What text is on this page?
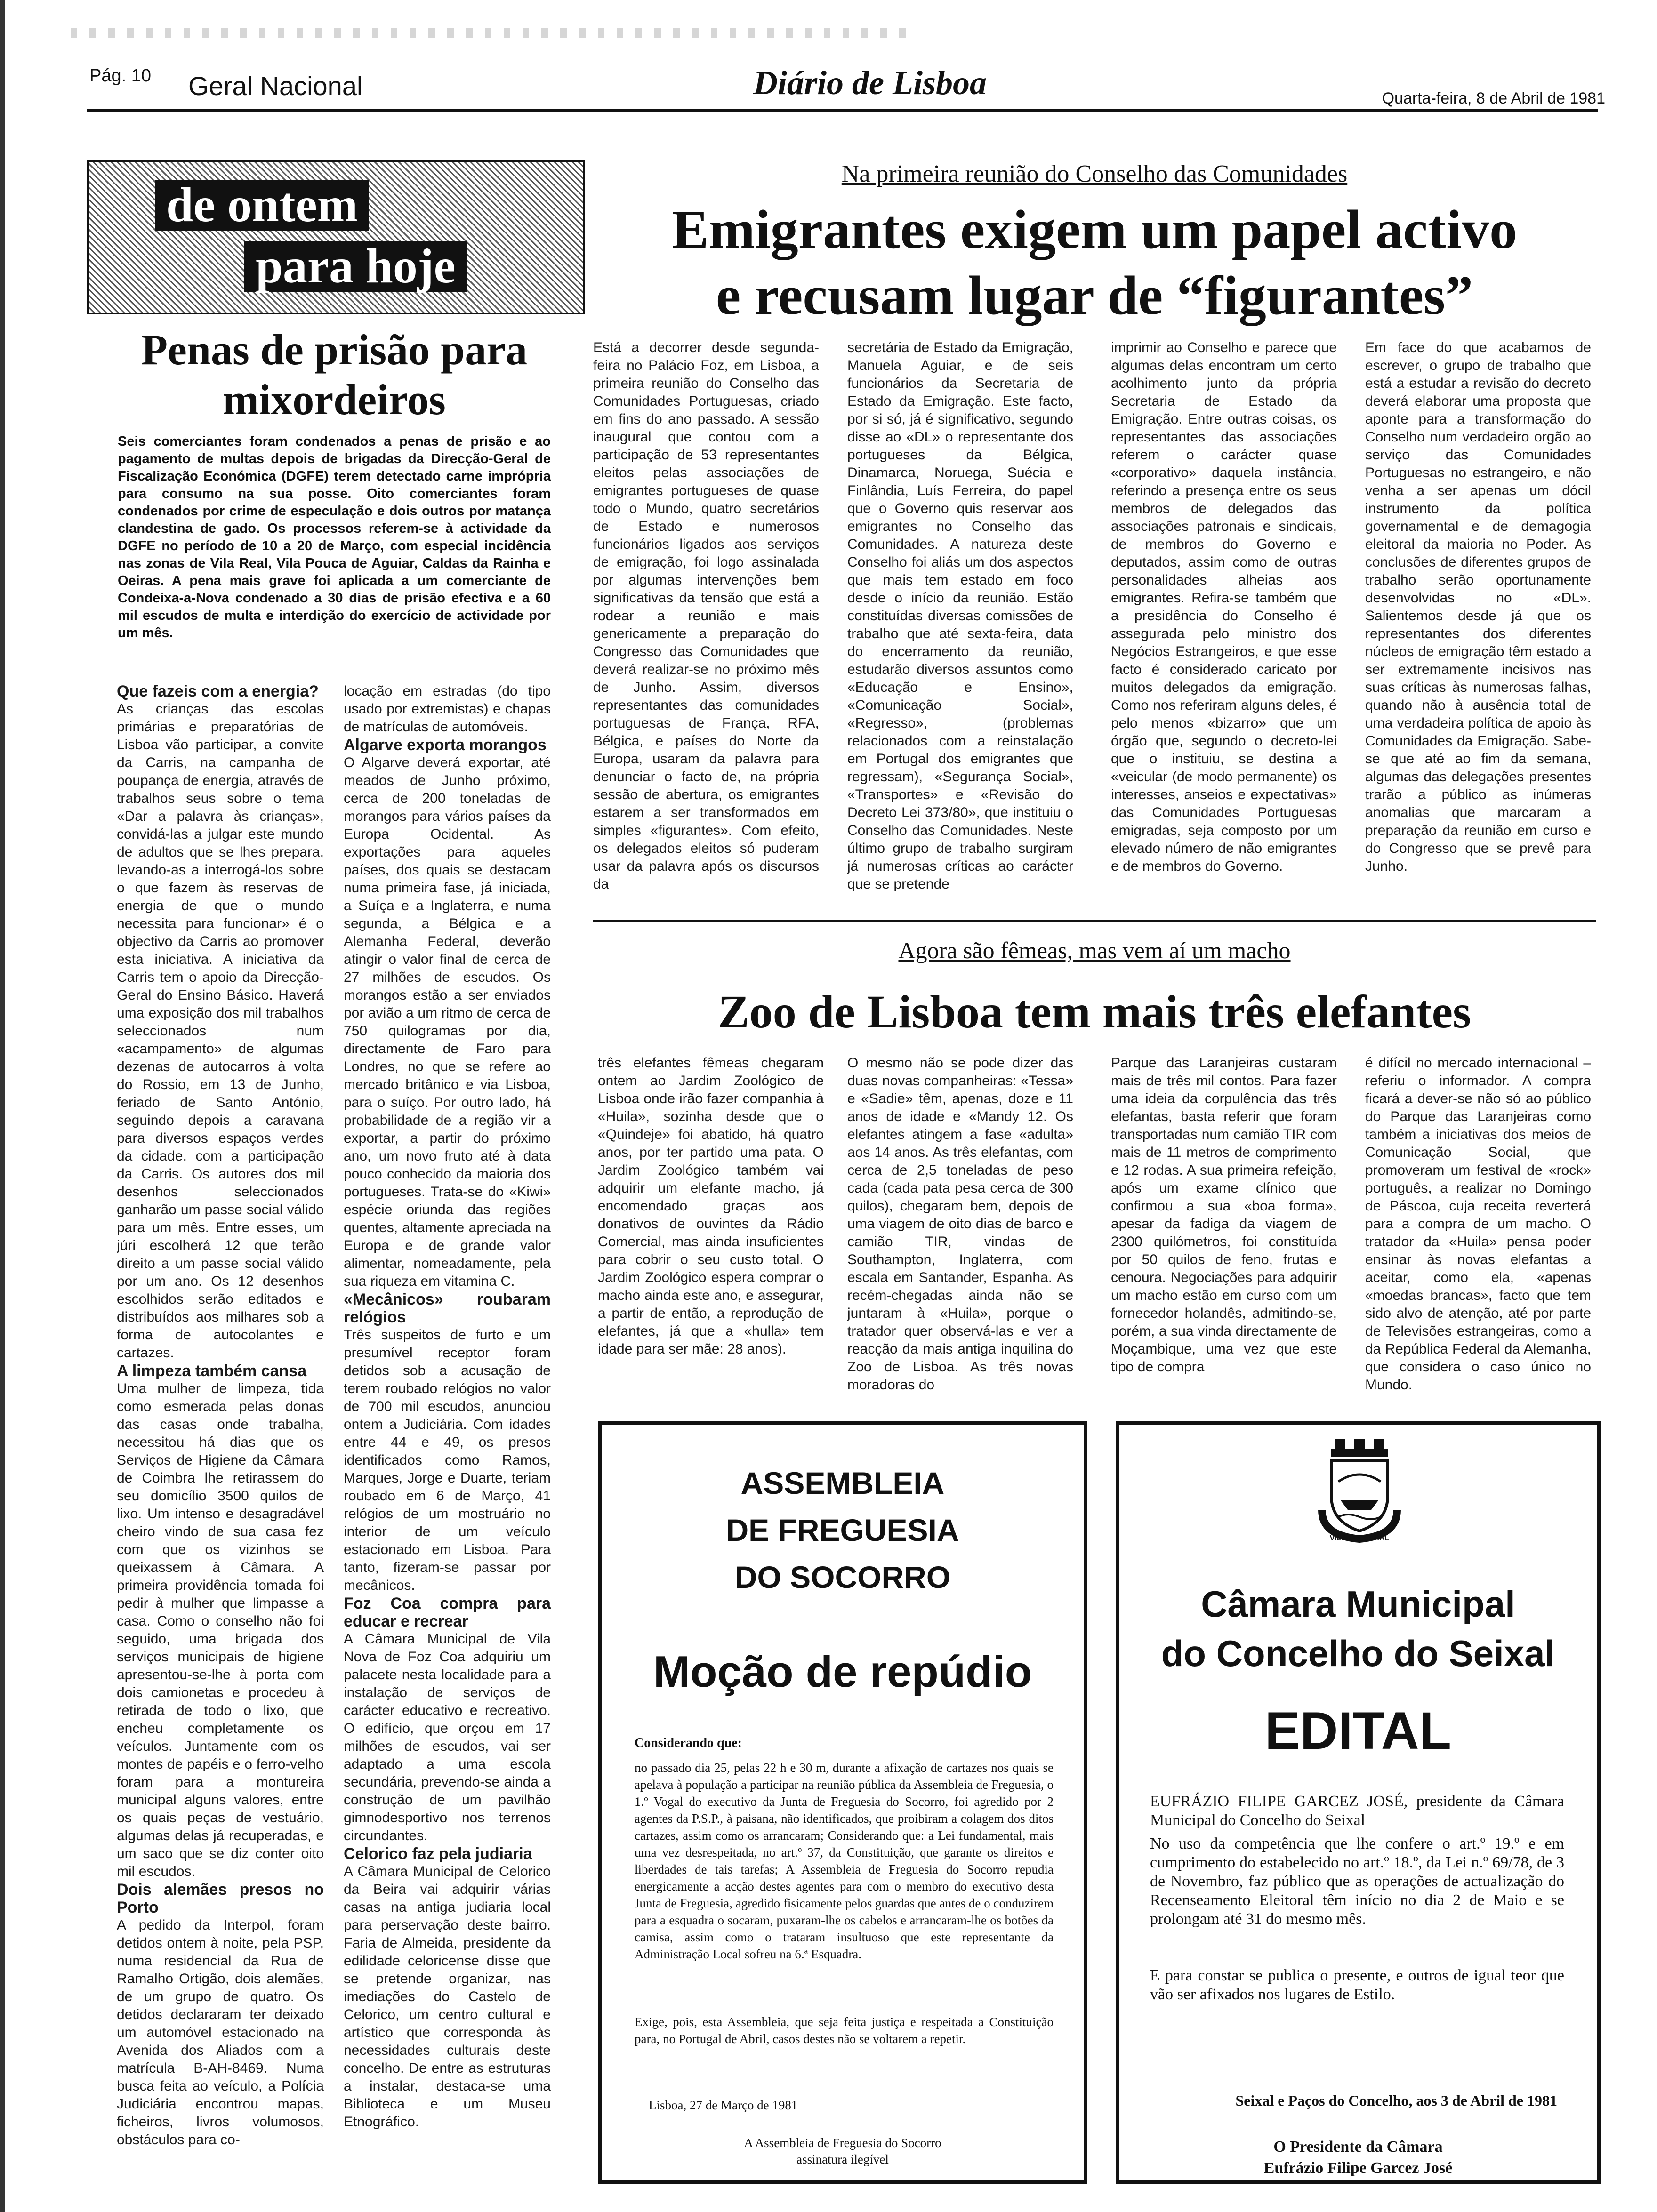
Pág. 10 Geral Nacional	Diário de Lisboa	Quarta-feira, 8 de Abril de 1981
de ontem
para hoje
Penas de prisão para mixordeiros
Seis comerciantes foram condenados a penas de prisão e ao pagamento de multas depois de brigadas da Direcção-Geral de Fiscalização Económica (DGFE) terem detectado carne imprópria para consumo na sua posse. Oito comerciantes foram condenados por crime de especulação e dois outros por matança clandestina de gado. Os processos referem-se à actividade da DGFE no período de 10 a 20 de Março, com especial incidência nas zonas de Vila Real, Vila Pouca de Aguiar, Caldas da Rainha e Oeiras. A pena mais grave foi aplicada a um comerciante de Condeixa-a-Nova condenado a 30 dias de prisão efectiva e a 60 mil escudos de multa e interdição do exercício de actividade por um mês.
Que fazeis com a energia?
As crianças das escolas primárias e preparatórias de Lisboa vão participar, a convite da Carris, na campanha de poupança de energia, através de trabalhos seus sobre o tema «Dar a palavra às crianças», convidá-las a julgar este mundo de adultos que se lhes prepara, levando-as a interrogá-los sobre o que fazem às reservas de energia de que o mundo necessita para funcionar» é o objectivo da Carris ao promover esta iniciativa. A iniciativa da Carris tem o apoio da Direcção-Geral do Ensino Básico. Haverá uma exposição dos mil trabalhos seleccionados num «acampamento» de algumas dezenas de autocarros à volta do Rossio, em 13 de Junho, feriado de Santo António, seguindo depois a caravana para diversos espaços verdes da cidade, com a participação da Carris. Os autores dos mil desenhos seleccionados ganharão um passe social válido para um mês. Entre esses, um júri escolherá 12 que terão direito a um passe social válido por um ano. Os 12 desenhos escolhidos serão editados e distribuídos aos milhares sob a forma de autocolantes e cartazes.
A limpeza também cansa
Uma mulher de limpeza, tida como esmerada pelas donas das casas onde trabalha, necessitou há dias que os Serviços de Higiene da Câmara de Coimbra lhe retirassem do seu domicílio 3500 quilos de lixo. Um intenso e desagradável cheiro vindo de sua casa fez com que os vizinhos se queixassem à Câmara. A primeira providência tomada foi pedir à mulher que limpasse a casa. Como o conselho não foi seguido, uma brigada dos serviços municipais de higiene apresentou-se-lhe à porta com dois camionetas e procedeu à retirada de todo o lixo, que encheu completamente os veículos. Juntamente com os montes de papéis e o ferro-velho foram para a montureira municipal alguns valores, entre os quais peças de vestuário, algumas delas já recuperadas, e um saco que se diz conter oito mil escudos.
Dois alemães presos no Porto
A pedido da Interpol, foram detidos ontem à noite, pela PSP, numa residencial da Rua de Ramalho Ortigão, dois alemães, de um grupo de quatro. Os detidos declararam ter deixado um automóvel estacionado na Avenida dos Aliados com a matrícula B-AH-8469. Numa busca feita ao veículo, a Polícia Judiciária encontrou mapas, ficheiros, livros volumosos, obstáculos para co-
locação em estradas (do tipo usado por extremistas) e chapas de matrículas de automóveis.
Algarve exporta morangos
O Algarve deverá exportar, até meados de Junho próximo, cerca de 200 toneladas de morangos para vários países da Europa Ocidental. As exportações para aqueles países, dos quais se destacam numa primeira fase, já iniciada, a Suíça e a Inglaterra, e numa segunda, a Bélgica e a Alemanha Federal, deverão atingir o valor final de cerca de 27 milhões de escudos. Os morangos estão a ser enviados por avião a um ritmo de cerca de 750 quilogramas por dia, directamente de Faro para Londres, no que se refere ao mercado britânico e via Lisboa, para o suíço. Por outro lado, há probabilidade de a região vir a exportar, a partir do próximo ano, um novo fruto até à data pouco conhecido da maioria dos portugueses. Trata-se do «Kiwi» espécie oriunda das regiões quentes, altamente apreciada na Europa e de grande valor alimentar, nomeadamente, pela sua riqueza em vitamina C.
«Mecânicos» roubaram relógios
Três suspeitos de furto e um presumível receptor foram detidos sob a acusação de terem roubado relógios no valor de 700 mil escudos, anunciou ontem a Judiciária. Com idades entre 44 e 49, os presos identificados como Ramos, Marques, Jorge e Duarte, teriam roubado em 6 de Março, 41 relógios de um mostruário no interior de um veículo estacionado em Lisboa. Para tanto, fizeram-se passar por mecânicos.
Foz Coa compra para educar e recrear
A Câmara Municipal de Vila Nova de Foz Coa adquiriu um palacete nesta localidade para a instalação de serviços de carácter educativo e recreativo. O edifício, que orçou em 17 milhões de escudos, vai ser adaptado a uma escola secundária, prevendo-se ainda a construção de um pavilhão gimnodesportivo nos terrenos circundantes.
Celorico faz pela judiaria
A Câmara Municipal de Celorico da Beira vai adquirir várias casas na antiga judiaria local para perservação deste bairro. Faria de Almeida, presidente da edilidade celoricense disse que se pretende organizar, nas imediações do Castelo de Celorico, um centro cultural e artístico que corresponda às necessidades culturais deste concelho. De entre as estruturas a instalar, destaca-se uma Biblioteca e um Museu Etnográfico.
Na primeira reunião do Conselho das Comunidades
Emigrantes exigem um papel activo
e recusam lugar de “figurantes”
Está a decorrer desde segunda-feira no Palácio Foz, em Lisboa, a primeira reunião do Conselho das Comunidades Portuguesas, criado em fins do ano passado. A sessão inaugural que contou com a participação de 53 representantes eleitos pelas associações de emigrantes portugueses de quase todo o Mundo, quatro secretários de Estado e numerosos funcionários ligados aos serviços de emigração, foi logo assinalada por algumas intervenções bem significativas da tensão que está a rodear a reunião e mais genericamente a preparação do Congresso das Comunidades que deverá realizar-se no próximo mês de Junho. Assim, diversos representantes das comunidades portuguesas de França, RFA, Bélgica, e países do Norte da Europa, usaram da palavra para denunciar o facto de, na própria sessão de abertura, os emigrantes estarem a ser transformados em simples «figurantes». Com efeito, os delegados eleitos só puderam usar da palavra após os discursos da
secretária de Estado da Emigração, Manuela Aguiar, e de seis funcionários da Secretaria de Estado da Emigração. Este facto, por si só, já é significativo, segundo disse ao «DL» o representante dos portugueses da Bélgica, Dinamarca, Noruega, Suécia e Finlândia, Luís Ferreira, do papel que o Governo quis reservar aos emigrantes no Conselho das Comunidades. A natureza deste Conselho foi aliás um dos aspectos que mais tem estado em foco desde o início da reunião. Estão constituídas diversas comissões de trabalho que até sexta-feira, data do encerramento da reunião, estudarão diversos assuntos como «Educação e Ensino», «Comunicação Social», «Regresso», (problemas relacionados com a reinstalação em Portugal dos emigrantes que regressam), «Segurança Social», «Transportes» e «Revisão do Decreto Lei 373/80», que instituiu o Conselho das Comunidades. Neste último grupo de trabalho surgiram já numerosas críticas ao carácter que se pretende
imprimir ao Conselho e parece que algumas delas encontram um certo acolhimento junto da própria Secretaria de Estado da Emigração. Entre outras coisas, os representantes das associações referem o carácter quase «corporativo» daquela instância, referindo a presença entre os seus membros de delegados das associações patronais e sindicais, de membros do Governo e deputados, assim como de outras personalidades alheias aos emigrantes. Refira-se também que a presidência do Conselho é assegurada pelo ministro dos Negócios Estrangeiros, e que esse facto é considerado caricato por muitos delegados da emigração. Como nos referiram alguns deles, é pelo menos «bizarro» que um órgão que, segundo o decreto-lei que o instituiu, se destina a «veicular (de modo permanente) os interesses, anseios e expectativas» das Comunidades Portuguesas emigradas, seja composto por um elevado número de não emigrantes e de membros do Governo.
Em face do que acabamos de escrever, o grupo de trabalho que está a estudar a revisão do decreto deverá elaborar uma proposta que aponte para a transformação do Conselho num verdadeiro orgão ao serviço das Comunidades Portuguesas no estrangeiro, e não venha a ser apenas um dócil instrumento da política governamental e de demagogia eleitoral da maioria no Poder. As conclusões de diferentes grupos de trabalho serão oportunamente desenvolvidas no «DL». Salientemos desde já que os representantes dos diferentes núcleos de emigração têm estado a ser extremamente incisivos nas suas críticas às numerosas falhas, quando não à ausência total de uma verdadeira política de apoio às Comunidades da Emigração. Sabe-se que até ao fim da semana, algumas das delegações presentes trarão a público as inúmeras anomalias que marcaram a preparação da reunião em curso e do Congresso que se prevê para Junho.
Agora são fêmeas, mas vem aí um macho
Zoo de Lisboa tem mais três elefantes
três elefantes fêmeas chegaram ontem ao Jardim Zoológico de Lisboa onde irão fazer companhia à «Huila», sozinha desde que o «Quindeje» foi abatido, há quatro anos, por ter partido uma pata. O Jardim Zoológico também vai adquirir um elefante macho, já encomendado graças aos donativos de ouvintes da Rádio Comercial, mas ainda insuficientes para cobrir o seu custo total. O Jardim Zoológico espera comprar o macho ainda este ano, e assegurar, a partir de então, a reprodução de elefantes, já que a «hulla» tem idade para ser mãe: 28 anos).
O mesmo não se pode dizer das duas novas companheiras: «Tessa» e «Sadie» têm, apenas, doze e 11 anos de idade e «Mandy 12. Os elefantes atingem a fase «adulta» aos 14 anos. As três elefantas, com cerca de 2,5 toneladas de peso cada (cada pata pesa cerca de 300 quilos), chegaram bem, depois de uma viagem de oito dias de barco e camião TIR, vindas de Southampton, Inglaterra, com escala em Santander, Espanha. As recém-chegadas ainda não se juntaram à «Huila», porque o tratador quer observá-las e ver a reacção da mais antiga inquilina do Zoo de Lisboa. As três novas moradoras do
Parque das Laranjeiras custaram mais de três mil contos. Para fazer uma ideia da corpulência das três elefantas, basta referir que foram transportadas num camião TIR com mais de 11 metros de comprimento e 12 rodas. A sua primeira refeição, após um exame clínico que confirmou a sua «boa forma», apesar da fadiga da viagem de 2300 quilómetros, foi constituída por 50 quilos de feno, frutas e cenoura. Negociações para adquirir um macho estão em curso com um fornecedor holandês, admitindo-se, porém, a sua vinda directamente de Moçambique, uma vez que este tipo de compra
é difícil no mercado internacional – referiu o informador. A compra ficará a dever-se não só ao público do Parque das Laranjeiras como também a iniciativas dos meios de Comunicação Social, que promoveram um festival de «rock» português, a realizar no Domingo de Páscoa, cuja receita reverterá para a compra de um macho. O tratador da «Huila» pensa poder ensinar às novas elefantas a aceitar, como ela, «apenas «moedas brancas», facto que tem sido alvo de atenção, até por parte de Televisões estrangeiras, como a da República Federal da Alemanha, que considera o caso único no Mundo.
ASSEMBLEIA
DE FREGUESIA
DO SOCORRO
Moção de repúdio
Considerando que:
no passado dia 25, pelas 22 h e 30 m, durante a afixação de cartazes nos quais se apelava à população a participar na reunião pública da Assembleia de Freguesia, o 1.º Vogal do executivo da Junta de Freguesia do Socorro, foi agredido por 2 agentes da P.S.P., à paisana, não identificados, que proibiram a colagem dos ditos cartazes, assim como os arrancaram; Considerando que: a Lei fundamental, mais uma vez desrespeitada, no art.º 37, da Constituição, que garante os direitos e liberdades de tais tarefas; A Assembleia de Freguesia do Socorro repudia energicamente a acção destes agentes para com o membro do executivo desta Junta de Freguesia, agredido fisicamente pelos guardas que antes de o conduzirem para a esquadra o socaram, puxaram-lhe os cabelos e arrancaram-lhe os botões da camisa, assim como o trataram insultuoso que este representante da Administração Local sofreu na 6.ª Esquadra.
Exige, pois, esta Assembleia, que seja feita justiça e respeitada a Constituição para, no Portugal de Abril, casos destes não se voltarem a repetir.
Lisboa, 27 de Março de 1981
A Assembleia de Freguesia do Socorro
assinatura ilegível
VILA DO SEIXAL
Câmara Municipal
do Concelho do Seixal
EDITAL
EUFRÁZIO FILIPE GARCEZ JOSÉ, presidente da Câmara Municipal do Concelho do Seixal
No uso da competência que lhe confere o art.º 19.º e em cumprimento do estabelecido no art.º 18.º, da Lei n.º 69/78, de 3 de Novembro, faz público que as operações de actualização do Recenseamento Eleitoral têm início no dia 2 de Maio e se prolongam até 31 do mesmo mês.
E para constar se publica o presente, e outros de igual teor que vão ser afixados nos lugares de Estilo.
Seixal e Paços do Concelho, aos 3 de Abril de 1981
O Presidente da Câmara
Eufrázio Filipe Garcez José
